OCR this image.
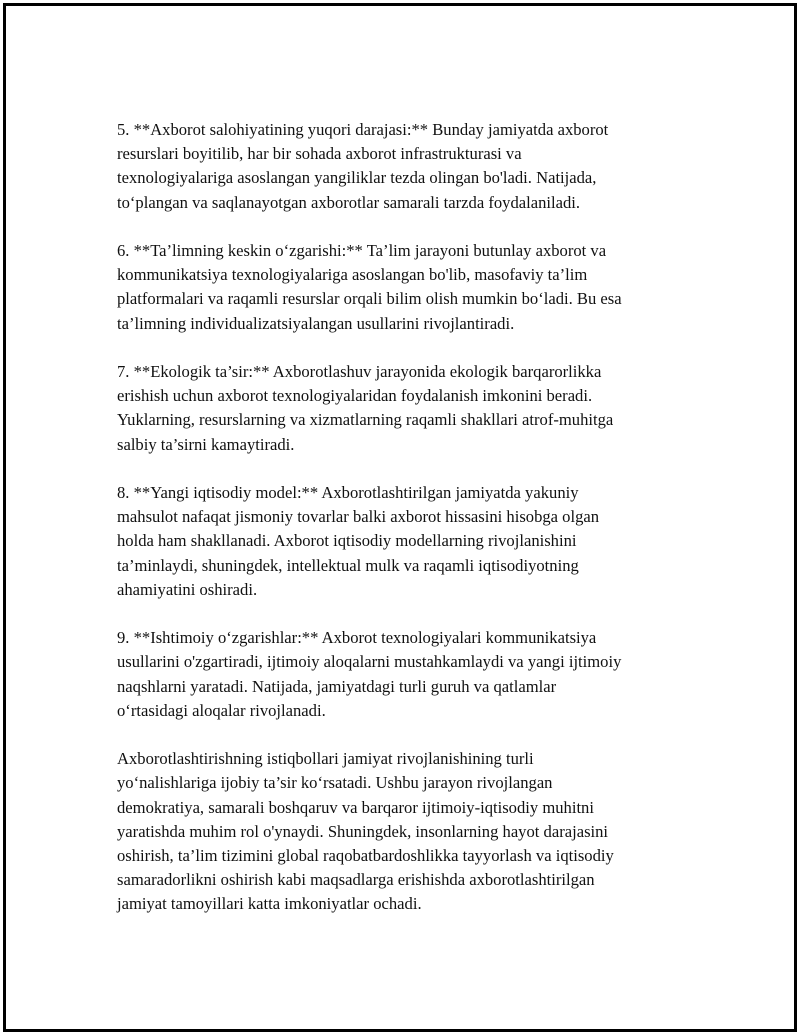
5. **Axborot salohiyatining yuqori darajasi:** Bunday jamiyatda axborot
resurslari boyitilib, har bir sohada axborot infrastrukturasi va
texnologiyalariga asoslangan yangiliklar tezda olingan bo'ladi. Natijada,
to‘plangan va saqlanayotgan axborotlar samarali tarzda foydalaniladi.

6. **Ta’limning keskin o‘zgarishi:** Ta’lim jarayoni butunlay axborot va
kommunikatsiya texnologiyalariga asoslangan bo'lib, masofaviy ta’lim
platformalari va raqamli resurslar orqali bilim olish mumkin bo‘ladi. Bu esa
ta’limning individualizatsiyalangan usullarini rivojlantiradi.

7. **Ekologik ta’sir:** Axborotlashuv jarayonida ekologik barqarorlikka
erishish uchun axborot texnologiyalaridan foydalanish imkonini beradi.
Yuklarning, resurslarning va xizmatlarning raqamli shakllari atrof-muhitga
salbiy ta’sirni kamaytiradi.

8. **Yangi iqtisodiy model:** Axborotlashtirilgan jamiyatda yakuniy
mahsulot nafaqat jismoniy tovarlar balki axborot hissasini hisobga olgan
holda ham shakllanadi. Axborot iqtisodiy modellarning rivojlanishini
ta’minlaydi, shuningdek, intellektual mulk va raqamli iqtisodiyotning
ahamiyatini oshiradi.

9. **Ishtimoiy o‘zgarishlar:** Axborot texnologiyalari kommunikatsiya
usullarini o'zgartiradi, ijtimoiy aloqalarni mustahkamlaydi va yangi ijtimoiy
naqshlarni yaratadi. Natijada, jamiyatdagi turli guruh va qatlamlar
o‘rtasidagi aloqalar rivojlanadi.

Axborotlashtirishning istiqbollari jamiyat rivojlanishining turli
yo‘nalishlariga ijobiy ta’sir ko‘rsatadi. Ushbu jarayon rivojlangan
demokratiya, samarali boshqaruv va barqaror ijtimoiy-iqtisodiy muhitni
yaratishda muhim rol o'ynaydi. Shuningdek, insonlarning hayot darajasini
oshirish, ta’lim tizimini global raqobatbardoshlikka tayyorlash va iqtisodiy
samaradorlikni oshirish kabi maqsadlarga erishishda axborotlashtirilgan
jamiyat tamoyillari katta imkoniyatlar ochadi.
